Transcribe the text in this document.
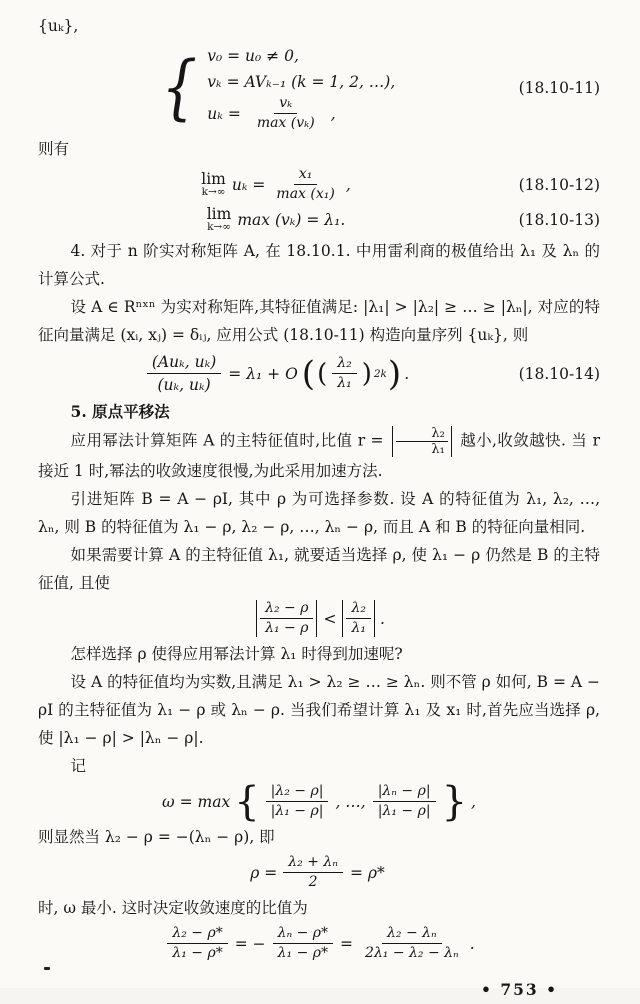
{uₖ},
{ v₀ = u₀ ≠ 0,
vₖ = AVₖ₋₁ (k = 1, 2, …),
$u_k = \frac{\text{vₖ}}{\text{max (vₖ)}}$ ,
(18.10-11)
则有
lim
k→∞ $u_k = \frac{\text{x₁}}{\text{max (x₁)}}$ ,	(18.10-12)
lim
k→∞ max (vₖ) = λ₁.	(18.10-13)
4. 对于 n 阶实对称矩阵 A, 在 18.10.1. 中用雷利商的极值给出 λ₁ 及 λₙ 的计算公式.
设 A ∈ Rⁿˣⁿ 为实对称矩阵,其特征值满足: |λ₁| > |λ₂| ≥ … ≥ |λₙ|, 对应的特征向量满足 (xᵢ, xⱼ) = δᵢⱼ, 应用公式 (18.10-11) 构造向量序列 {uₖ}, 则
$\frac{\text{(Auₖ, uₖ)}}{\text{(uₖ, uₖ)}} = \lambda_1 + O$ ( ( $\frac{\text{λ₂}}{\text{λ₁}}$ ) 2k ) .	(18.10-14)
5. 原点平移法
应用幂法计算矩阵 A 的主特征值时,比值 $r = \frac{\text{λ₂}}{\text{λ₁}}$ 越小,收敛越快. 当 r 接近 1 时,幂法的收敛速度很慢,为此采用加速方法.
引进矩阵 B = A − ρI, 其中 ρ 为可选择参数. 设 A 的特征值为 λ₁, λ₂, …, λₙ, 则 B 的特征值为 λ₁ − ρ, λ₂ − ρ, …, λₙ − ρ, 而且 A 和 B 的特征向量相同.
如果需要计算 A 的主特征值 λ₁, 就要适当选择 ρ, 使 λ₁ − ρ 仍然是 B 的主特征值, 且使
$\frac{\text{λ₂ − ρ}}{\text{λ₁ − ρ}} < \frac{\text{λ₂}}{\text{λ₁}}$ .
怎样选择 ρ 使得应用幂法计算 λ₁ 时得到加速呢?
设 A 的特征值均为实数,且满足 λ₁ > λ₂ ≥ … ≥ λₙ. 则不管 ρ 如何, B = A − ρI 的主特征值为 λ₁ − ρ 或 λₙ − ρ. 当我们希望计算 λ₁ 及 x₁ 时,首先应当选择 ρ, 使 |λ₁ − ρ| > |λₙ − ρ|.
记
ω = max { $\frac{\text{|λ₂ − ρ|}}{\text{|λ₁ − ρ|}}$ , …, $\frac{\text{|λₙ − ρ|}}{\text{|λ₁ − ρ|}}$ } ,
则显然当 λ₂ − ρ = −(λₙ − ρ), 即
$\rho = \frac{\text{λ₂ + λₙ}}{2} = \rho*$
时, ω 最小. 这时决定收敛速度的比值为
$\frac{\text{λ₂ − ρ*}}{\text{λ₁ − ρ*}}$ = − $\frac{\text{λₙ − ρ*}}{\text{λ₁ − ρ*}} = \frac{\text{λ₂ − λₙ}}{\text{2λ₁ − λ₂ − λₙ}}$ .
• 753 •
